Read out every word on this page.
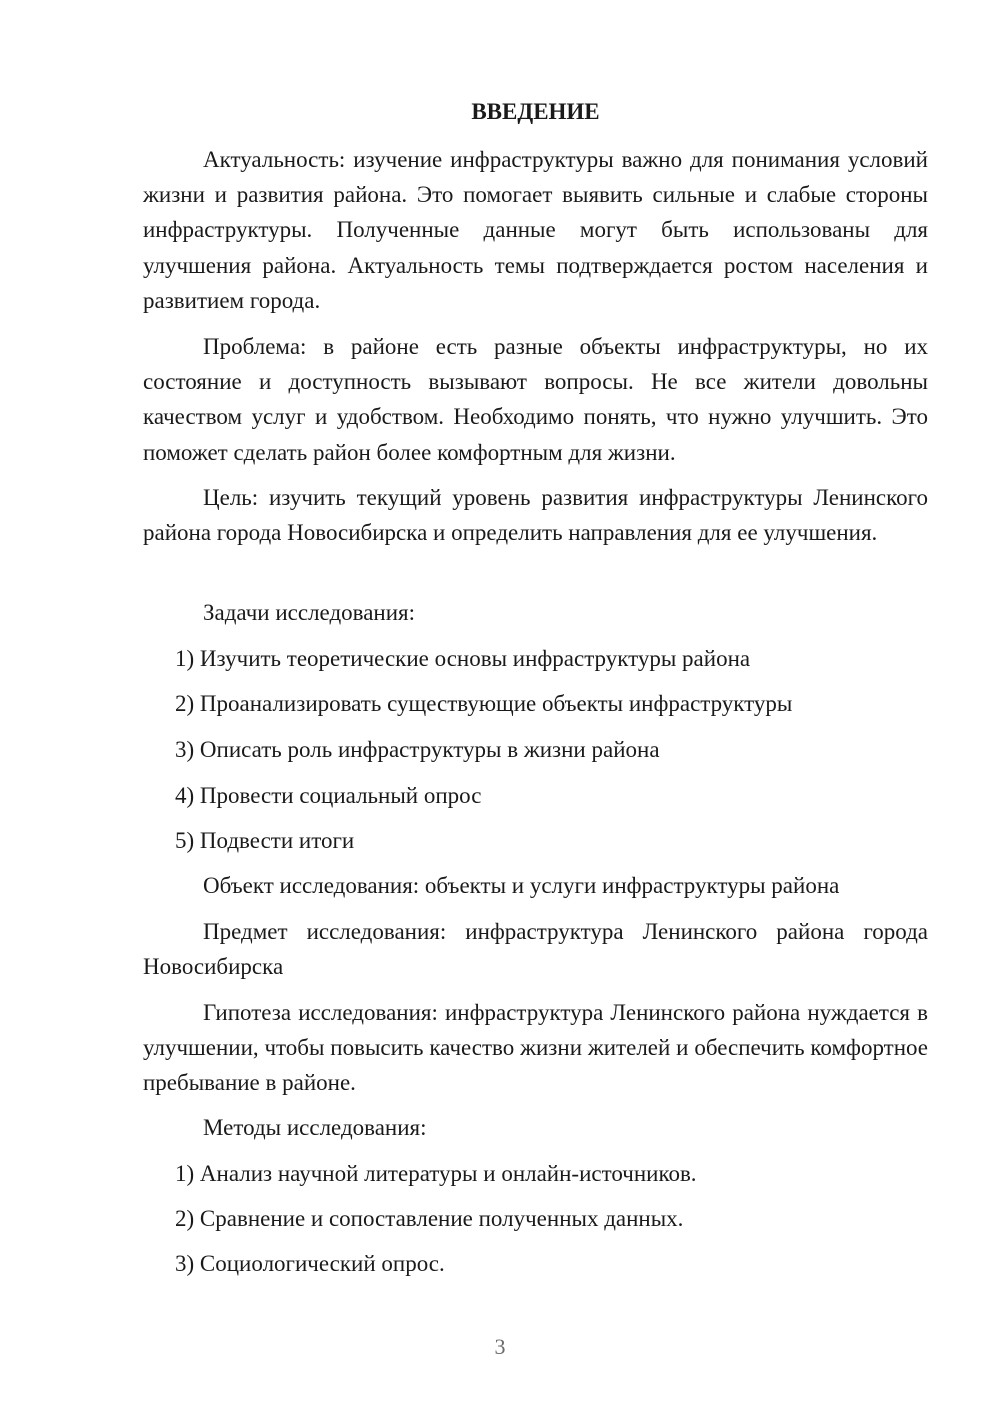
ВВЕДЕНИЕ

Актуальность: изучение инфраструктуры важно для понимания условий жизни и развития района. Это помогает выявить сильные и слабые стороны инфраструктуры. Полученные данные могут быть использованы для улучшения района. Актуальность темы подтверждается ростом населения и развитием города.

Проблема: в районе есть разные объекты инфраструктуры, но их состояние и доступность вызывают вопросы. Не все жители довольны качеством услуг и удобством. Необходимо понять, что нужно улучшить. Это поможет сделать район более комфортным для жизни.

Цель: изучить текущий уровень развития инфраструктуры Ленинского района города Новосибирска и определить направления для ее улучшения.

Задачи исследования:

1) Изучить теоретические основы инфраструктуры района

2) Проанализировать существующие объекты инфраструктуры

3) Описать роль инфраструктуры в жизни района

4) Провести социальный опрос

5) Подвести итоги

Объект исследования: объекты и услуги инфраструктуры района

Предмет исследования: инфраструктура Ленинского района города Новосибирска

Гипотеза исследования: инфраструктура Ленинского района нуждается в улучшении, чтобы повысить качество жизни жителей и обеспечить комфортное пребывание в районе.

Методы исследования:

1) Анализ научной литературы и онлайн-источников.

2) Сравнение и сопоставление полученных данных.

3) Социологический опрос.

3
